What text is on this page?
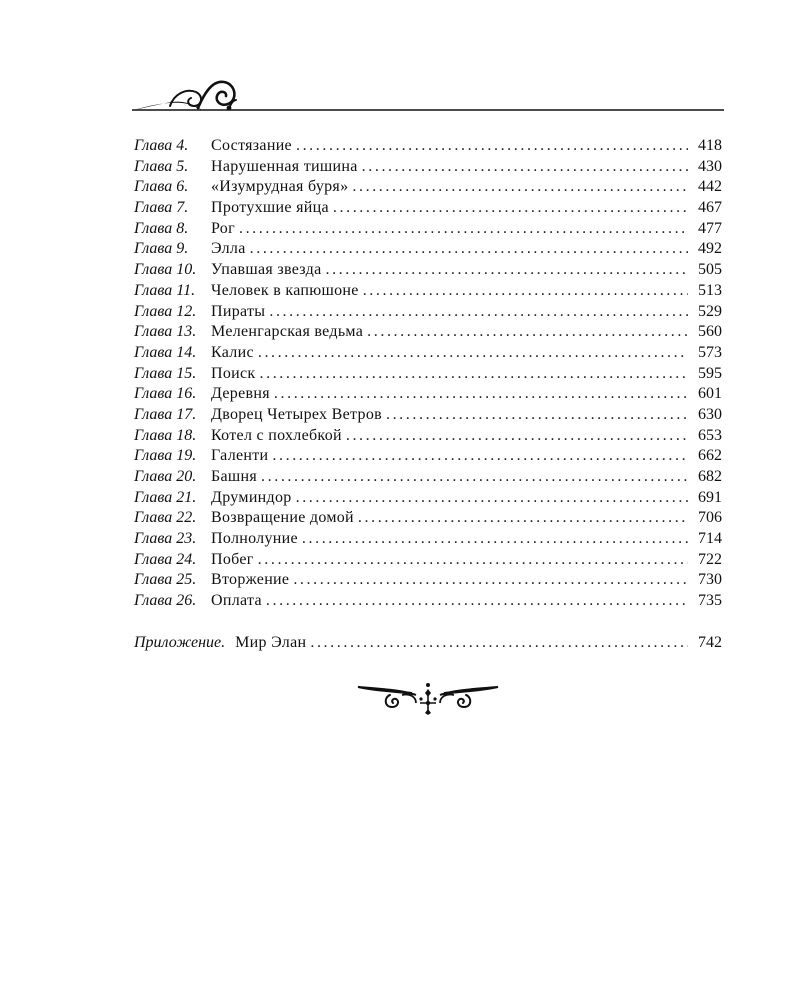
Глава 4.	Состязание .....	418
Глава 5.	Нарушенная тишина .....	430
Глава 6.	«Изумрудная буря» .....	442
Глава 7.	Протухшие яйца .....	467
Глава 8.	Рог .....	477
Глава 9.	Элла .....	492
Глава 10. Упавшая звезда .....	505
Глава 11. Человек в капюшоне .....	513
Глава 12. Пираты .....	529
Глава 13. Меленгарская ведьма .....	560
Глава 14. Калис .....	573
Глава 15. Поиск .....	595
Глава 16. Деревня .....	601
Глава 17. Дворец Четырех Ветров .....	630
Глава 18. Котел с похлебкой .....	653
Глава 19. Галенти .....	662
Глава 20. Башня .....	682
Глава 21. Друминдор .....	691
Глава 22. Возвращение домой .....	706
Глава 23. Полнолуние .....	714
Глава 24. Побег .....	722
Глава 25. Вторжение .....	730
Глава 26. Оплата .....	735
Приложение. Мир Элан .....	742
